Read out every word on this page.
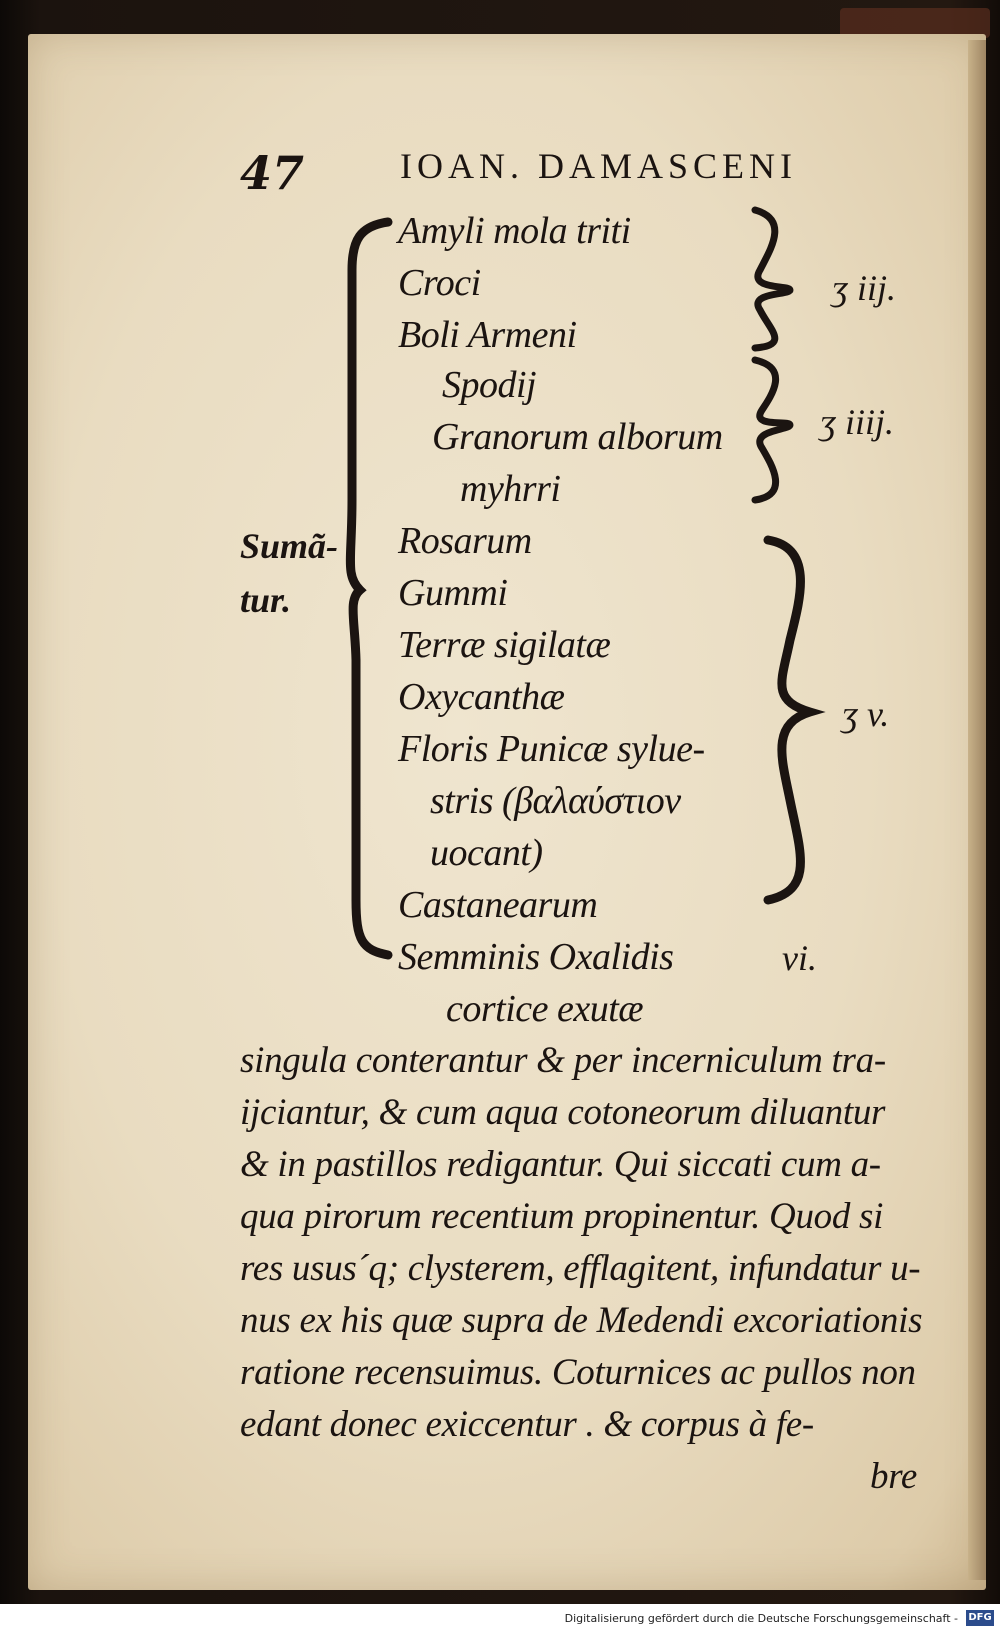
47	IOAN. DAMASCENI
Sumã-
tur.
Amyli mola triti
Croci
Boli Armeni
Spodij
Granorum alborum
myhrri
Rosarum
Gummi
Terræ sigilatæ
Oxycanthæ
Floris Punicæ sylue-
stris (βαλαύστιον
uocant)
Castanearum
Semminis Oxalidis
cortice exutæ
ʒ iij.
ʒ iiij.
ʒ v.
vi.
singula conterantur & per incerniculum tra-
ijciantur, & cum aqua cotoneorum diluantur
& in pastillos redigantur. Qui siccati cum a-
qua pirorum recentium propinentur. Quod si
res usus´q; clysterem, efflagitent, infundatur u-
nus ex his quæ supra de Medendi excoriationis
ratione recensuimus. Coturnices ac pullos non
edant donec exiccentur . & corpus à fe-
bre
Digitalisierung gefördert durch die Deutsche Forschungsgemeinschaft - DFG
